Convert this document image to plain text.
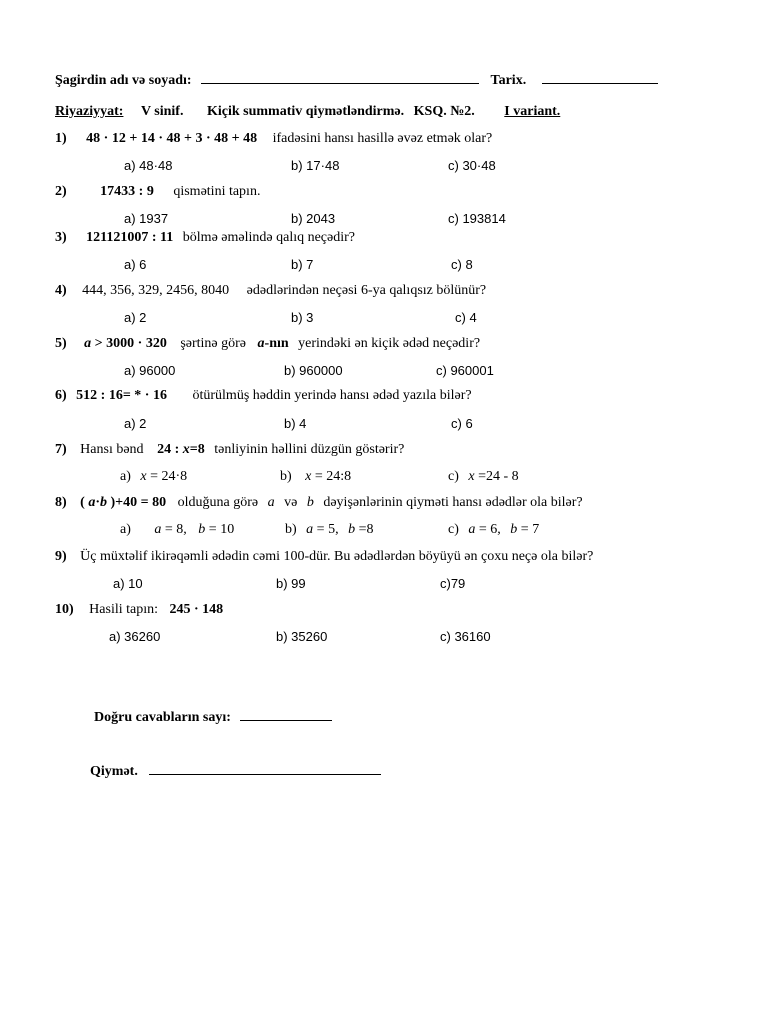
Şagirdin adı və soyadı:	Tarix.
Riyaziyyat: V sinif. Kiçik summativ qiymətləndirmə. KSQ. №2. I variant.
1) 48 · 12 + 14 · 48 + 3 · 48 + 48 ifadəsini hansı hasillə əvəz etmək olar?
a) 48·48	b) 17·48	c) 30·48
2) 17433 : 9 qismətini tapın.
a) 1937	b) 2043	c) 193814
3) 121121007 : 11 bölmə əməlində qalıq neçədir?
a) 6	b) 7	c) 8
4) 444, 356, 329, 2456, 8040 ədədlərindən neçəsi 6-ya qalıqsız bölünür?
a) 2	b) 3	c) 4
5) a > 3000 · 320 şərtinə görə a-nın yerindəki ən kiçik ədəd neçədir?
a) 96000	b) 960000	c) 960001
6) 512 : 16= * · 16 ötürülmüş həddin yerində hansı ədəd yazıla bilər?
a) 2	b) 4	c) 6
7) Hansı bənd 24 : x=8 tənliyinin həllini düzgün göstərir?
a) x = 24·8	b) x = 24:8	c) x =24 - 8
8) ( a·b )+40 = 80 olduğuna görə a və b dəyişənlərinin qiyməti hansı ədədlər ola bilər?
a) a = 8, b = 10	b) a = 5, b =8	c) a = 6, b = 7
9) Üç müxtəlif ikirəqəmli ədədin cəmi 100-dür. Bu ədədlərdən böyüyü ən çoxu neçə ola bilər?
a) 10	b) 99	c)79
10) Hasili tapın: 245 · 148
a) 36260	b) 35260	c) 36160
Doğru cavabların sayı:
Qiymət.
